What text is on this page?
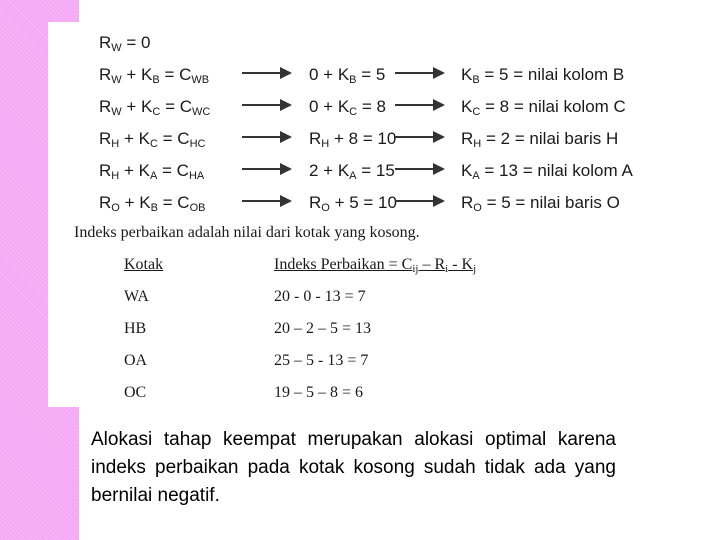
$R_W = 0$
$R_W + K_B = C_{WB}$	$0 + K_B = 5$	$K_B = 5$ = nilai kolom B
$R_W + K_C = C_{WC}$	$0 + K_C = 8$	$K_C = 8$ = nilai kolom C
$R_H + K_C = C_{HC}$	$R_H + 8 = 10$	$R_H = 2$ = nilai baris H
$R_H + K_A = C_{HA}$	$2 + K_A = 15$	$K_A = 13$ = nilai kolom A
$R_O + K_B = C_{OB}$	$R_O + 5 = 10$	$R_O = 5$ = nilai baris O
Indeks perbaikan adalah nilai dari kotak yang kosong.
Kotak	Indeks Perbaikan = $C_{ij} - R_i - K_j$
WA	20 - 0 - 13 = 7
HB	20 – 2 – 5 = 13
OA	25 – 5 - 13 = 7
OC	19 – 5 – 8 = 6
Alokasi tahap keempat merupakan alokasi optimal karena indeks perbaikan pada kotak kosong sudah tidak ada yang bernilai negatif.
